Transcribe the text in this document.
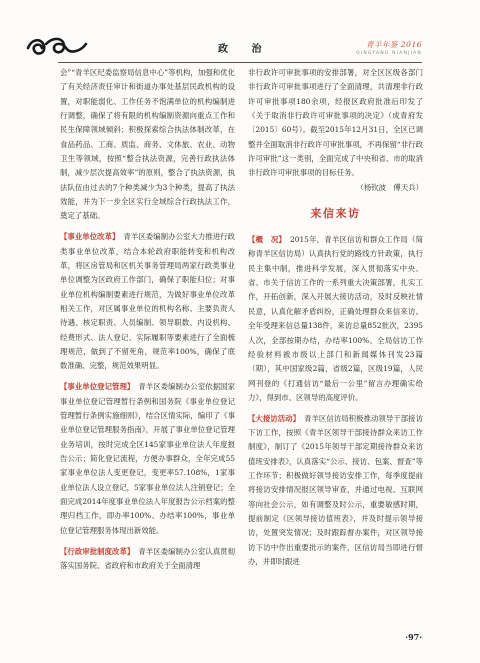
政 治	青羊年鉴 2016
QINGYANG NIANJIAN

会”“青羊区纪委监察局信息中心”等机构，加强和优化了有关经济责任审计和街道办事处基层民政机构的设置，对职能弱化、工作任务不饱满单位的机构编制进行调整，确保了将有限的机构编制资源向重点工作和民生保障领域倾斜；积极探索综合执法体制改革，在食品药品、工商、质监、商务、文体旅、农业、动物卫生等领域，按照“整合执法资源，完善行政执法体制，减少层次提高效率”的原则，整合了执法资源，执法队伍由过去的7个种类减少为3个种类，提高了执法效能，并为下一步全区实行全域综合行政执法工作，奠定了基础。

【事业单位改革】 青羊区委编制办公室大力推进行政类事业单位改革，结合本轮政府职能转变和机构改革，将区房管局和区机关事务管理局两家行政类事业单位调整为区政府工作部门，确保了职能归位；对事业单位机构编制要素进行规范，为做好事业单位改革相关工作，对区属事业单位的机构名称、主要负责人待遇、核定职责、人员编制、领导职数、内设机构、经费形式、法人登记、实际履职等要素进行了全面梳理规范，做到了不留死角，规范率100%，确保了底数准确、完整，规范效果明显。

【事业单位登记管理】 青羊区委编制办公室依据国家事业单位登记管理暂行条例和国务院《事业单位登记管理暂行条例实施细则》，结合区情实际，编印了《事业单位登记管理服务指南》，开展了事业单位登记管理业务培训，按时完成全区145家事业单位法人年度报告公示；简化登记流程，方便办事群众，全年完成55家事业单位法人变更登记，变更率57.108%，1家事业单位法人设立登记，5家事业单位法人注销登记；全面完成2014年度事业单位法人年度报告公示档案的整理归档工作，即办率100%、办结率100%，事业单位登记管理服务体现出新效能。

【行政审批制度改革】 青羊区委编制办公室认真贯彻落实国务院、省政府和市政府关于全面清理

非行政许可审批事项的安排部署，对全区区级各部门非行政许可审批事项进行了全面清理，共清理非行政许可审批事项180余项，经报区政府批准后印发了《关于取消非行政许可审批事项的决定》（成青府发〔2015〕60号）。截至2015年12月31日，全区已调整并全面取消非行政许可审批事项，不再保留“非行政许可审批”这一类别，全面完成了中央和省、市的取消非行政许可审批事项的目标任务。

（杨钦波　傅天兵）
来信来访

【概　况】 2015年，青羊区信访和群众工作局（简称青羊区信访局）认真执行党的路线方针政策，执行民主集中制，推进科学发展，深入贯彻落实中央、省、市关于信访工作的一系列重大决策部署，扎实工作，开拓创新，深入开展大接访活动，及时反映社情民意，认真化解矛盾纠纷，正确处理群众来信来访。全年受理来信总量138件，来访总量852批次，2395人次，全部按期办结，办结率100%。全局信访工作经验材料被市级以上部门和新闻媒体刊发23篇（期），其中国家级2篇，省级2篇，区级19篇，人民网刊登的《打通信访“最后一公里”留言办理确实给力》，得到市、区领导的高度评价。

【大接访活动】 青羊区信访局积极推动领导干部接访下访工作，按照《青羊区领导干部接待群众来访工作制度》，制订了《2015年领导干部定期接待群众来访值班安排表》，认真落实“公示、接访、包案、督查”等工作环节；积极做好领导接访安排工作，每季度提前将接访安排情况报区领导审查，并通过电视、互联网等向社会公示，如有调整及时公示，重要敏感时期，提前制定《区领导接访值班表》，并及时提示领导接访，处置突发情况；及时跟踪督办案件，对区领导接访下访中作出重要批示的案件，区信访局当即进行督办，并即时跟进

·97·
